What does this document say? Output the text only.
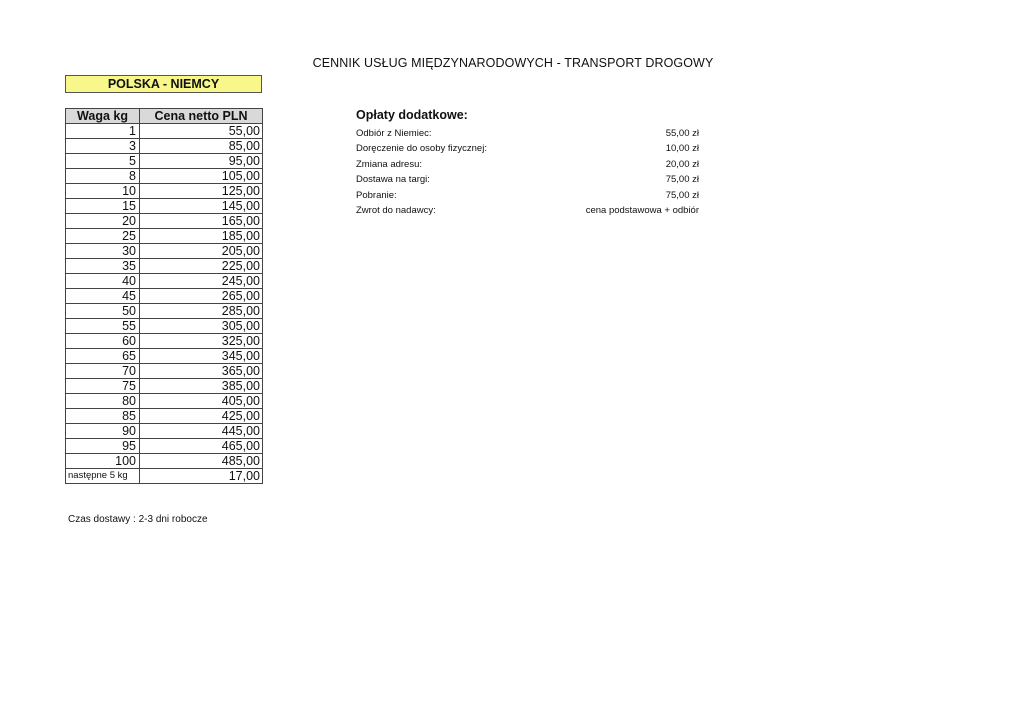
CENNIK USŁUG MIĘDZYNARODOWYCH - TRANSPORT DROGOWY
POLSKA - NIEMCY
Waga kg	Cena netto PLN
1	55,00
3	85,00
5	95,00
8	105,00
10	125,00
15	145,00
20	165,00
25	185,00
30	205,00
35	225,00
40	245,00
45	265,00
50	285,00
55	305,00
60	325,00
65	345,00
70	365,00
75	385,00
80	405,00
85	425,00
90	445,00
95	465,00
100	485,00
następne 5 kg	17,00
Czas dostawy : 2-3 dni robocze
Opłaty dodatkowe:
Odbiór z Niemiec:	55,00 zł
Doręczenie do osoby fizycznej:	10,00 zł
Zmiana adresu:	20,00 zł
Dostawa na targi:	75,00 zł
Pobranie:	75,00 zł
Zwrot do nadawcy:	cena podstawowa + odbiór
